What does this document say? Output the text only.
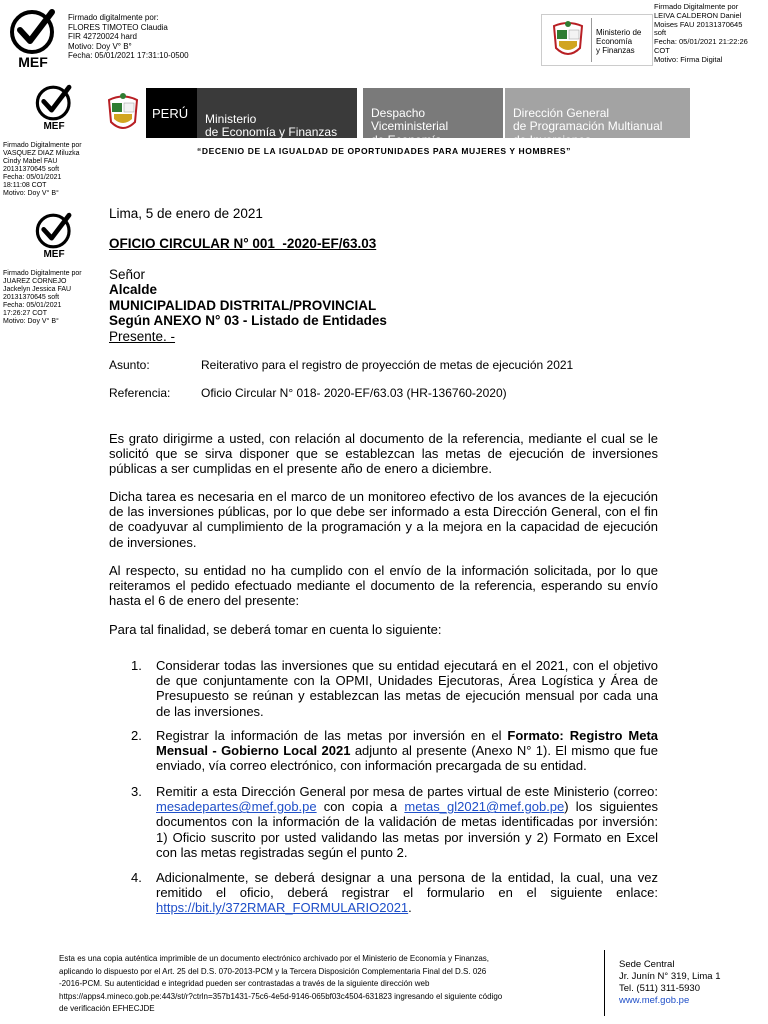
MEF
Firmado digitalmente por:
FLORES TIMOTEO Claudia
FIR 42720024 hard
Motivo: Doy V° B°
Fecha: 05/01/2021 17:31:10-0500
Ministerio de
Economía
y Finanzas
Firmado Digitalmente por
LEIVA CALDERON Daniel
Moises FAU 20131370645
soft
Fecha: 05/01/2021 21:22:26
COT
Motivo: Firma Digital
MEF
Firmado Digitalmente por
VASQUEZ DIAZ Miluzka
Cindy Mabel FAU
20131370645 soft
Fecha: 05/01/2021
18:11:08 COT
Motivo: Doy V° B°
MEF
Firmado Digitalmente por
JUAREZ CORNEJO
Jackelyn Jessica FAU
20131370645 soft
Fecha: 05/01/2021
17:26:27 COT
Motivo: Doy V° B°
PERÚ	Ministerio
de Economía y Finanzas

Despacho
Viceministerial
de Economía

Dirección General
de Programación Multianual
de Inversiones

“DECENIO DE LA IGUALDAD DE OPORTUNIDADES PARA MUJERES Y HOMBRES”
Lima, 5 de enero de 2021
OFICIO CIRCULAR N° 001  -2020-EF/63.03
Señor
Alcalde
MUNICIPALIDAD DISTRITAL/PROVINCIAL
Según ANEXO N° 03 - Listado de Entidades
Presente. -
Asunto:	Reiterativo para el registro de proyección de metas de ejecución 2021
Referencia:	Oficio Circular N° 018- 2020-EF/63.03 (HR-136760-2020)
Es grato dirigirme a usted, con relación al documento de la referencia, mediante el cual se le solicitó que se sirva disponer que se establezcan las metas de ejecución de inversiones públicas a ser cumplidas en el presente año de enero a diciembre.
Dicha tarea es necesaria en el marco de un monitoreo efectivo de los avances de la ejecución de las inversiones públicas, por lo que debe ser informado a esta Dirección General, con el fin de coadyuvar al cumplimiento de la programación y a la mejora en la capacidad de ejecución de inversiones.
Al respecto, su entidad no ha cumplido con el envío de la información solicitada, por lo que reiteramos el pedido efectuado mediante el documento de la referencia, esperando su envío hasta el 6 de enero del presente:
Para tal finalidad, se deberá tomar en cuenta lo siguiente:
1. Considerar todas las inversiones que su entidad ejecutará en el 2021, con el objetivo de que conjuntamente con la OPMI, Unidades Ejecutoras, Área Logística y Área de Presupuesto se reúnan y establezcan las metas de ejecución mensual por cada una de las inversiones.
2. Registrar la información de las metas por inversión en el Formato: Registro Meta Mensual - Gobierno Local 2021 adjunto al presente (Anexo N° 1). El mismo que fue enviado, vía correo electrónico, con información precargada de su entidad.
3. Remitir a esta Dirección General por mesa de partes virtual de este Ministerio (correo: mesadepartes@mef.gob.pe con copia a metas_gl2021@mef.gob.pe) los siguientes documentos con la información de la validación de metas identificadas por inversión: 1) Oficio suscrito por usted validando las metas por inversión y 2) Formato en Excel con las metas registradas según el punto 2.
4. Adicionalmente, se deberá designar a una persona de la entidad, la cual, una vez remitido el oficio, deberá registrar el formulario en el siguiente enlace: https://bit.ly/372RMAR_FORMULARIO2021.
Esta es una copia auténtica imprimible de un documento electrónico archivado por el Ministerio de Economía y Finanzas,
aplicando lo dispuesto por el Art. 25 del D.S. 070-2013-PCM y la Tercera Disposición Complementaria Final del D.S. 026
-2016-PCM. Su autenticidad e integridad pueden ser contrastadas a través de la siguiente dirección web
https://apps4.mineco.gob.pe:443/st/r?ctrln=357b1431-75c6-4e5d-9146-065bf03c4504-631823 ingresando el siguiente código
de verificación EFHECJDE
Sede Central
Jr. Junín N° 319, Lima 1
Tel. (511) 311-5930
www.mef.gob.pe
